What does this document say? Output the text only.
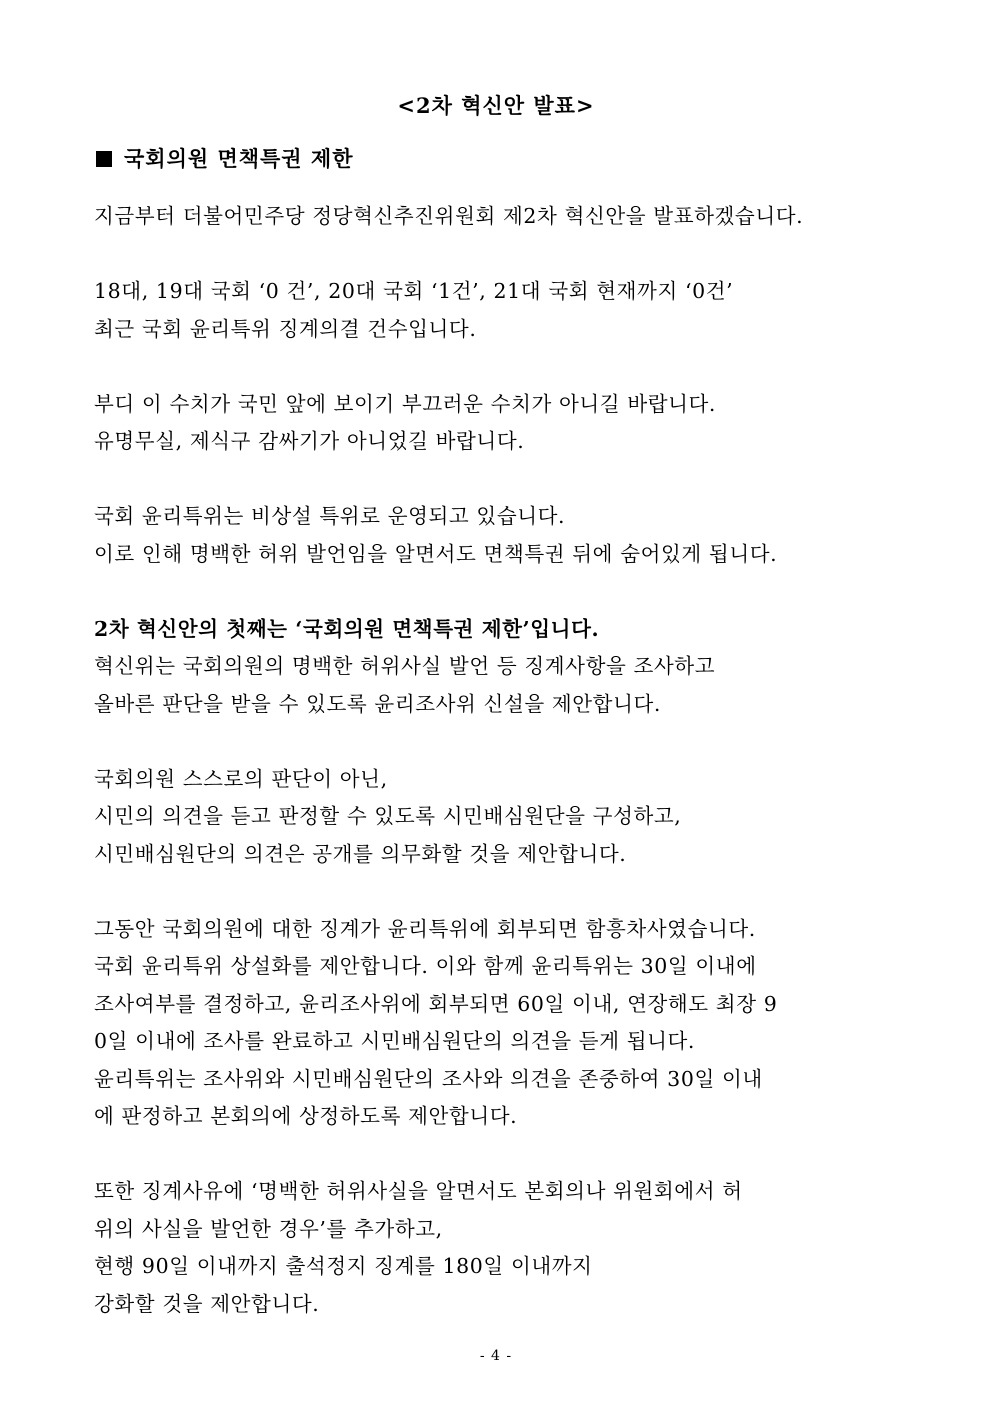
<2차 혁신안 발표>
국회의원 면책특권 제한

지금부터 더불어민주당 정당혁신추진위원회 제2차 혁신안을 발표하겠습니다.

18대, 19대 국회 ‘0 건’, 20대 국회 ‘1건’, 21대 국회 현재까지 ‘0건’
최근 국회 윤리특위 징계의결 건수입니다.

부디 이 수치가 국민 앞에 보이기 부끄러운 수치가 아니길 바랍니다.
유명무실, 제식구 감싸기가 아니었길 바랍니다.

국회 윤리특위는 비상설 특위로 운영되고 있습니다.
이로 인해 명백한 허위 발언임을 알면서도 면책특권 뒤에 숨어있게 됩니다.

2차 혁신안의 첫째는 ‘국회의원 면책특권 제한’입니다.
혁신위는 국회의원의 명백한 허위사실 발언 등 징계사항을 조사하고
올바른 판단을 받을 수 있도록 윤리조사위 신설을 제안합니다.

국회의원 스스로의 판단이 아닌,
시민의 의견을 듣고 판정할 수 있도록 시민배심원단을 구성하고,
시민배심원단의 의견은 공개를 의무화할 것을 제안합니다.

그동안 국회의원에 대한 징계가 윤리특위에 회부되면 함흥차사였습니다.
국회 윤리특위 상설화를 제안합니다. 이와 함께 윤리특위는 30일 이내에
조사여부를 결정하고, 윤리조사위에 회부되면 60일 이내, 연장해도 최장 9
0일 이내에 조사를 완료하고 시민배심원단의 의견을 듣게 됩니다.
윤리특위는 조사위와 시민배심원단의 조사와 의견을 존중하여 30일 이내
에 판정하고 본회의에 상정하도록 제안합니다.

또한 징계사유에 ‘명백한 허위사실을 알면서도 본회의나 위원회에서 허
위의 사실을 발언한 경우’를 추가하고,
현행 90일 이내까지 출석정지 징계를 180일 이내까지
강화할 것을 제안합니다.

- 4 -
